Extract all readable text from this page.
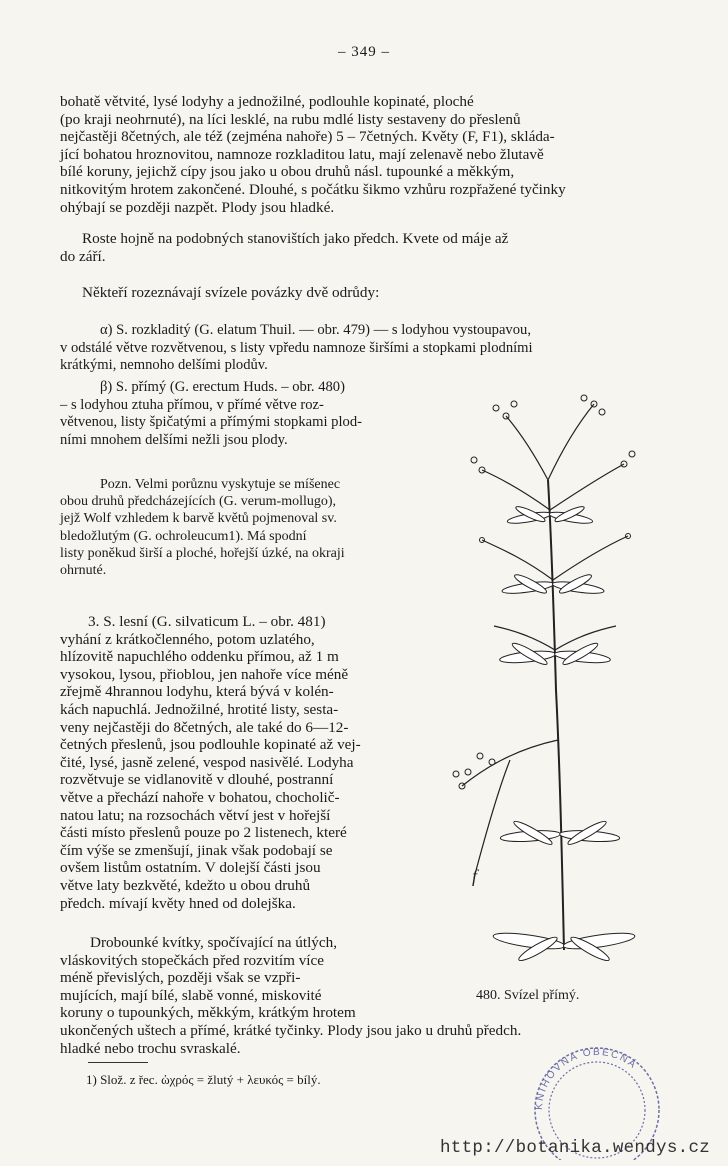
– 349 –
bohatě větvité, lysé lodyhy a jednožilné, podlouhle kopinaté, ploché
(po kraji neohrnuté), na líci lesklé, na rubu mdlé listy sestaveny do přeslenů
nejčastěji 8četných, ale též (zejména nahoře) 5 – 7četných. Květy (F, F1), skláda-
jící bohatou hroznovitou, namnoze rozkladitou latu, mají zelenavě nebo žlutavě
bílé koruny, jejichž cípy jsou jako u obou druhů násl. tupounké a měkkým,
nitkovitým hrotem zakončené. Dlouhé, s počátku šikmo vzhůru rozpřažené tyčinky
ohýbají se později nazpět. Plody jsou hladké.
Roste hojně na podobných stanovištích jako předch. Kvete od máje až
do září.
Někteří rozeznávají svízele povázky dvě odrůdy:
α) S. rozkladitý (G. elatum Thuil. — obr. 479) — s lodyhou vystoupavou,
v odstálé větve rozvětvenou, s listy vpředu namnoze širšími a stopkami plodními
krátkými, nemnoho delšími plodův.
β) S. přímý (G. erectum Huds. – obr. 480)
– s lodyhou ztuha přímou, v přímé větve roz-
větvenou, listy špičatými a přímými stopkami plod-
ními mnohem delšími nežli jsou plody.
Pozn. Velmi porůznu vyskytuje se míšenec
obou druhů předcházejících (G. verum-mollugo),
jejž Wolf vzhledem k barvě květů pojmenoval sv.
bledožlutým (G. ochroleucum1). Má spodní
listy poněkud širší a ploché, hořejší úzké, na okraji
ohrnuté.
3. S. lesní (G. silvaticum L. – obr. 481)
vyhání z krátkočlenného, potom uzlatého,
hlízovitě napuchlého oddenku přímou, až 1 m
vysokou, lysou, přioblou, jen nahoře více méně
zřejmě 4hrannou lodyhu, která bývá v kolén-
kách napuchlá. Jednožilné, hrotité listy, sesta-
veny nejčastěji do 8četných, ale také do 6—12-
četných přeslenů, jsou podlouhle kopinaté až vej-
čité, lysé, jasně zelené, vespod nasivělé. Lodyha
rozvětvuje se vidlanovitě v dlouhé, postranní
větve a přechází nahoře v bohatou, chocholič-
natou latu; na rozsochách větví jest v hořejší
části místo přeslenů pouze po 2 listenech, které
čím výše se zmenšují, jinak však podobají se
ovšem listům ostatním. V dolejší části jsou
větve laty bezkvěté, kdežto u obou druhů
předch. mívají květy hned od dolejška.
Drobounké kvítky, spočívající na útlých,
vláskovitých stopečkách před rozvitím více
méně převislých, později však se vzpři-
mujících, mají bílé, slabě vonné, miskovité
koruny o tupounkých, měkkým, krátkým hrotem
ukončených uštech a přímé, krátké tyčinky. Plody jsou jako u druhů předch.
hladké nebo trochu svraskalé.
f
480. Svízel přímý.
1) Slož. z řec. ὠχρός = žlutý + λευκός = bílý.
KNIHOVNA OBECNÁ
http://botanika.wendys.cz
